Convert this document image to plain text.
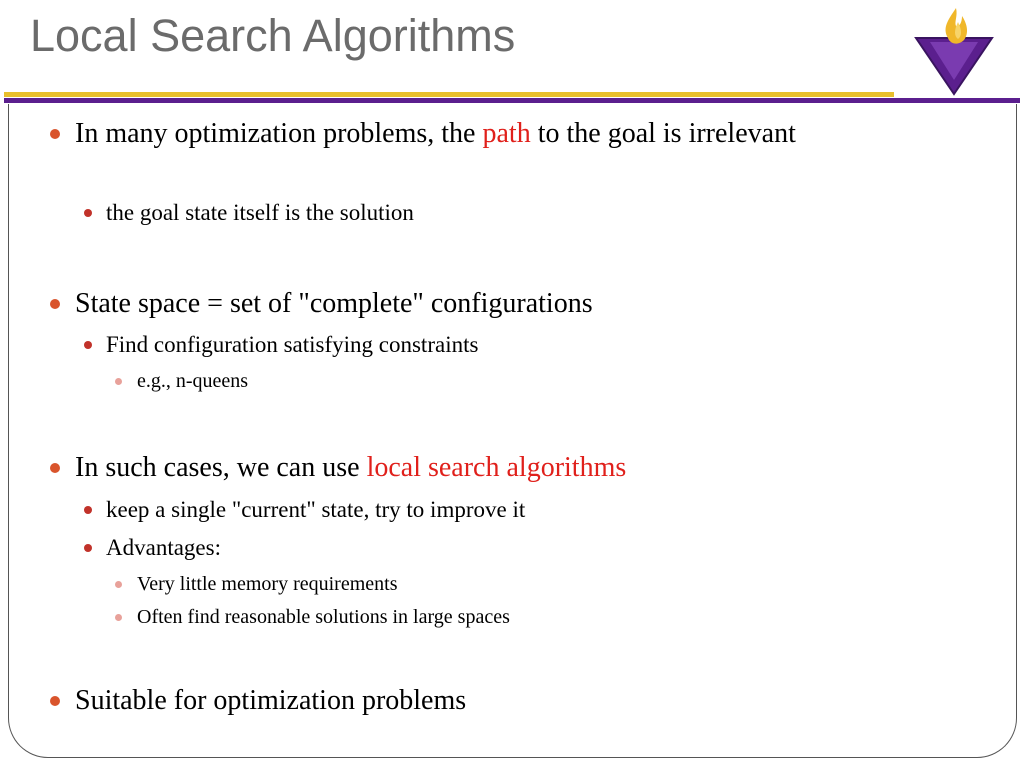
Local Search Algorithms
In many optimization problems, the path to the goal is irrelevant
the goal state itself is the solution
State space = set of "complete" configurations
Find configuration satisfying constraints
e.g., n-queens
In such cases, we can use local search algorithms
keep a single "current" state, try to improve it
Advantages:
Very little memory requirements
Often find reasonable solutions in large spaces
Suitable for optimization problems
